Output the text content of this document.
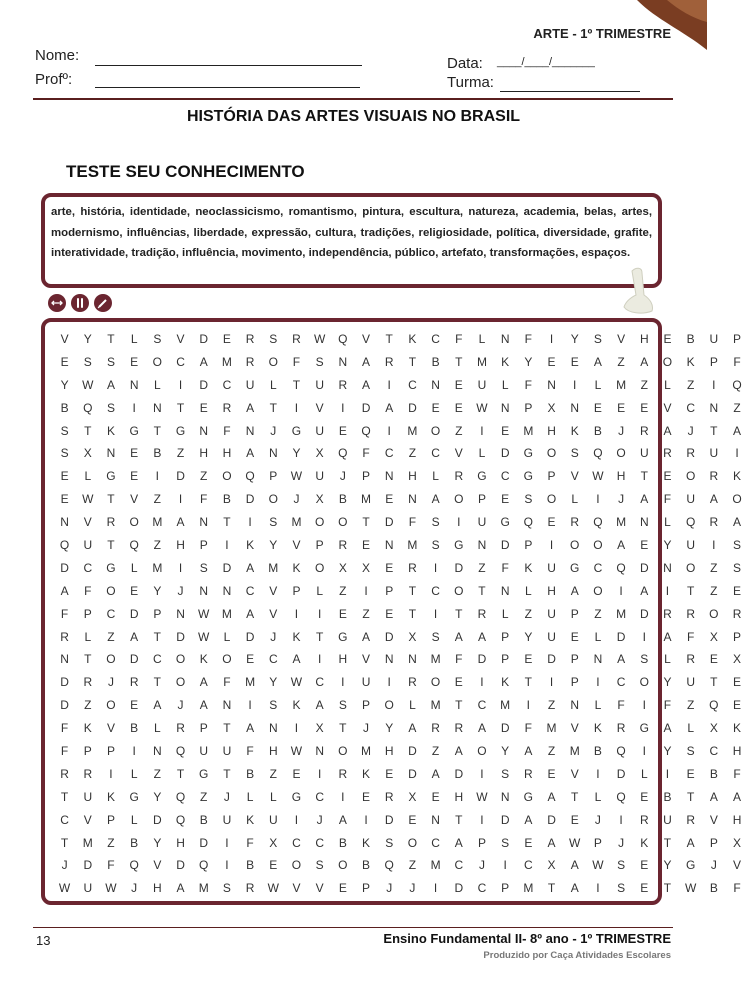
ARTE - 1º TRIMESTRE
Nome:
Profº:
Data: ____/____/_______
Turma:
HISTÓRIA DAS ARTES VISUAIS NO BRASIL
TESTE SEU CONHECIMENTO
arte, história, identidade, neoclassicismo, romantismo, pintura, escultura, natureza, academia, belas, artes, modernismo, influências, liberdade, expressão, cultura, tradições, religiosidade, política, diversidade, grafite, interatividade, tradição, influência, movimento, independência, público, artefato, transformações, espaços.
V	Y	T	L	S	V	D	E	R	S	R	W	Q	V	T	K	C	F	L	N	F	I	Y	S	V	H	E	B	U	P
E	S	S	E	O	C	A	M	R	O	F	S	N	A	R	T	B	T	M	K	Y	E	E	A	Z	A	O	K	P	F
Y	W	A	N	L	I	D	C	U	L	T	U	R	A	I	C	N	E	U	L	F	N	I	L	M	Z	L	Z	I	Q
B	Q	S	I	N	T	E	R	A	T	I	V	I	D	A	D	E	E	W	N	P	X	N	E	E	E	V	C	N	Z
S	T	K	G	T	G	N	F	N	J	G	U	E	Q	I	M	O	Z	I	E	M	H	K	B	J	R	A	J	T	A
S	X	N	E	B	Z	H	H	A	N	Y	X	Q	F	C	Z	C	V	L	D	G	O	S	Q	O	U	R	R	U	I
E	L	G	E	I	D	Z	O	Q	P	W	U	J	P	N	H	L	R	G	C	G	P	V	W	H	T	E	O	R	K
E	W	T	V	Z	I	F	B	D	O	J	X	B	M	E	N	A	O	P	E	S	O	L	I	J	A	F	U	A	O
N	V	R	O	M	A	N	T	I	S	M	O	O	T	D	F	S	I	U	G	Q	E	R	Q	M	N	L	Q	R	A
Q	U	T	Q	Z	H	P	I	K	Y	V	P	R	E	N	M	S	G	N	D	P	I	O	O	A	E	Y	U	I	S
D	C	G	L	M	I	S	D	A	M	K	O	X	X	E	R	I	D	Z	F	K	U	G	C	Q	D	N	O	Z	S
A	F	O	E	Y	J	N	N	C	V	P	L	Z	I	P	T	C	O	T	N	L	H	A	O	I	A	I	T	Z	E
F	P	C	D	P	N	W	M	A	V	I	I	E	Z	E	T	I	T	R	L	Z	U	P	Z	M	D	R	R	O	R
R	L	Z	A	T	D	W	L	D	J	K	T	G	A	D	X	S	A	A	P	Y	U	E	L	D	I	A	F	X	P
N	T	O	D	C	O	K	O	E	C	A	I	H	V	N	N	M	F	D	P	E	D	P	N	A	S	L	R	E	X
D	R	J	R	T	O	A	F	M	Y	W	C	I	U	I	R	O	E	I	K	T	I	P	I	C	O	Y	U	T	E
D	Z	O	E	A	J	A	N	I	S	K	A	S	P	O	L	M	T	C	M	I	Z	N	L	F	I	F	Z	Q	E
F	K	V	B	L	R	P	T	A	N	I	X	T	J	Y	A	R	R	A	D	F	M	V	K	R	G	A	L	X	K
F	P	P	I	N	Q	U	U	F	H	W	N	O	M	H	D	Z	A	O	Y	A	Z	M	B	Q	I	Y	S	C	H
R	R	I	L	Z	T	G	T	B	Z	E	I	R	K	E	D	A	D	I	S	R	E	V	I	D	L	I	E	B	F
T	U	K	G	Y	Q	Z	J	L	L	G	C	I	E	R	X	E	H	W	N	G	A	T	L	Q	E	B	T	A	A
C	V	P	L	D	Q	B	U	K	U	I	J	A	I	D	E	N	T	I	D	A	D	E	J	I	R	U	R	V	H
T	M	Z	B	Y	H	D	I	F	X	C	C	B	K	S	O	C	A	P	S	E	A	W	P	J	K	T	A	P	X
J	D	F	Q	V	D	Q	I	B	E	O	S	O	B	Q	Z	M	C	J	I	C	X	A	W	S	E	Y	G	J	V
W	U	W	J	H	A	M	S	R	W	V	V	E	P	J	J	I	D	C	P	M	T	A	I	S	E	T	W	B	F
13	Ensino Fundamental II- 8º ano - 1º TRIMESTRE
Produzido por Caça Atividades Escolares
